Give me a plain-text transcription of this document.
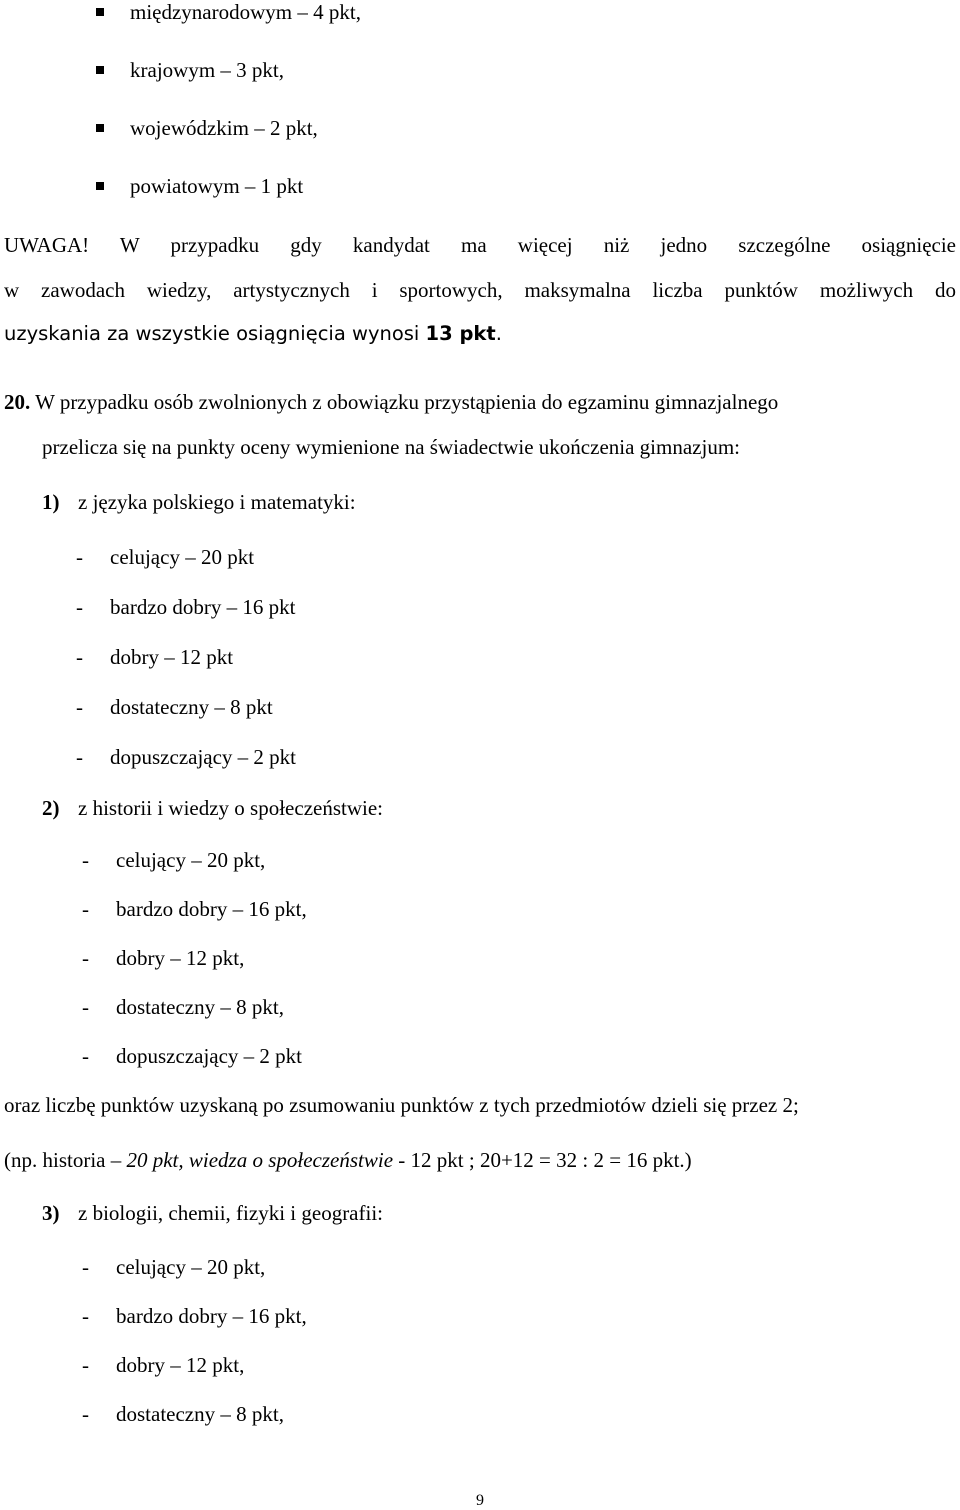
międzynarodowym – 4 pkt,
krajowym – 3 pkt,
wojewódzkim – 2 pkt,
powiatowym – 1 pkt
UWAGA! W przypadku gdy kandydat ma więcej niż jedno szczególne osiągnięcie
w zawodach wiedzy, artystycznych i sportowych, maksymalna liczba punktów możliwych do
uzyskania za wszystkie osiągnięcia wynosi 13 pkt.
20. W przypadku osób zwolnionych z obowiązku przystąpienia do egzaminu gimnazjalnego
przelicza się na punkty oceny wymienione na świadectwie ukończenia gimnazjum:
1) z języka polskiego i matematyki:
- celujący – 20 pkt
- bardzo dobry – 16 pkt
- dobry – 12 pkt
- dostateczny – 8 pkt
- dopuszczający – 2 pkt
2) z historii i wiedzy o społeczeństwie:
- celujący – 20 pkt,
- bardzo dobry – 16 pkt,
- dobry – 12 pkt,
- dostateczny – 8 pkt,
- dopuszczający – 2 pkt
oraz liczbę punktów uzyskaną po zsumowaniu punktów z tych przedmiotów dzieli się przez 2;
(np. historia – 20 pkt, wiedza o społeczeństwie - 12 pkt ; 20+12 = 32 : 2 = 16 pkt.)
3) z biologii, chemii, fizyki i geografii:
- celujący – 20 pkt,
- bardzo dobry – 16 pkt,
- dobry – 12 pkt,
- dostateczny – 8 pkt,
9
